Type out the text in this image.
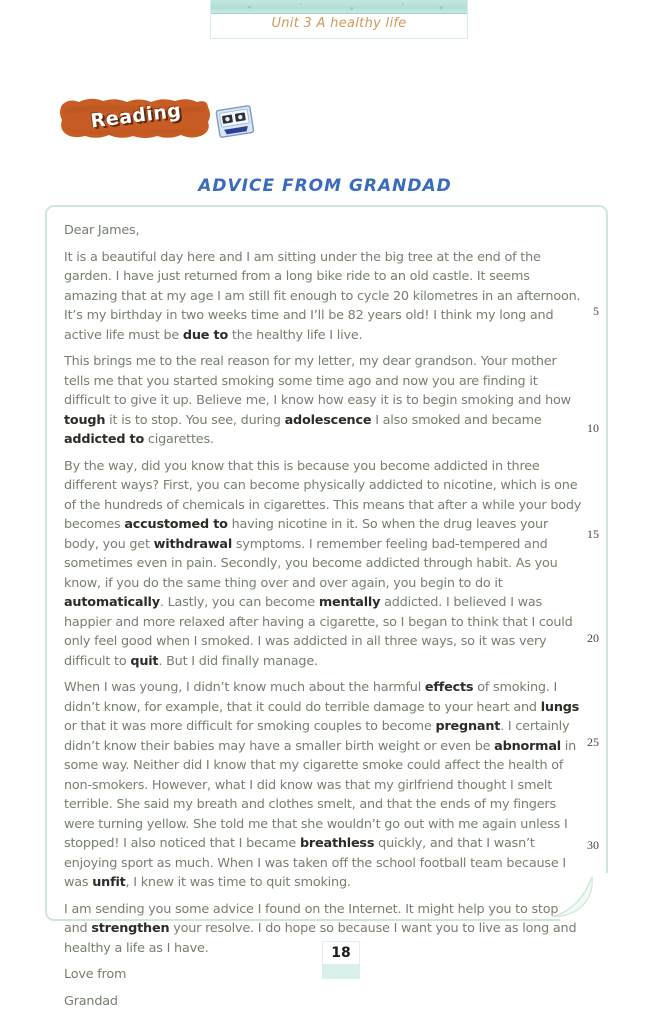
Unit 3 A healthy life
Reading
ADVICE FROM GRANDAD

Dear James,

It is a beautiful day here and I am sitting under the big tree at the end of the garden. I have just returned from a long bike ride to an old castle. It seems amazing that at my age I am still fit enough to cycle 20 kilometres in an afternoon. It’s my birthday in two weeks time and I’ll be 82 years old! I think my long and active life must be due to the healthy life I live.

This brings me to the real reason for my letter, my dear grandson. Your mother tells me that you started smoking some time ago and now you are finding it difficult to give it up. Believe me, I know how easy it is to begin smoking and how tough it is to stop. You see, during adolescence I also smoked and became addicted to cigarettes.

By the way, did you know that this is because you become addicted in three different ways? First, you can become physically addicted to nicotine, which is one of the hundreds of chemicals in cigarettes. This means that after a while your body becomes accustomed to having nicotine in it. So when the drug leaves your body, you get withdrawal symptoms. I remember feeling bad-tempered and sometimes even in pain. Secondly, you become addicted through habit. As you know, if you do the same thing over and over again, you begin to do it automatically. Lastly, you can become mentally addicted. I believed I was happier and more relaxed after having a cigarette, so I began to think that I could only feel good when I smoked. I was addicted in all three ways, so it was very difficult to quit. But I did finally manage.

When I was young, I didn’t know much about the harmful effects of smoking. I didn’t know, for example, that it could do terrible damage to your heart and lungs or that it was more difficult for smoking couples to become pregnant. I certainly didn’t know their babies may have a smaller birth weight or even be abnormal in some way. Neither did I know that my cigarette smoke could affect the health of non-smokers. However, what I did know was that my girlfriend thought I smelt terrible. She said my breath and clothes smelt, and that the ends of my fingers were turning yellow. She told me that she wouldn’t go out with me again unless I stopped! I also noticed that I became breathless quickly, and that I wasn’t enjoying sport as much. When I was taken off the school football team because I was unfit, I knew it was time to quit smoking.

I am sending you some advice I found on the Internet. It might help you to stop and strengthen your resolve. I do hope so because I want you to live as long and healthy a life as I have.

Love from

Grandad

5
10
15
20
25
30
18
